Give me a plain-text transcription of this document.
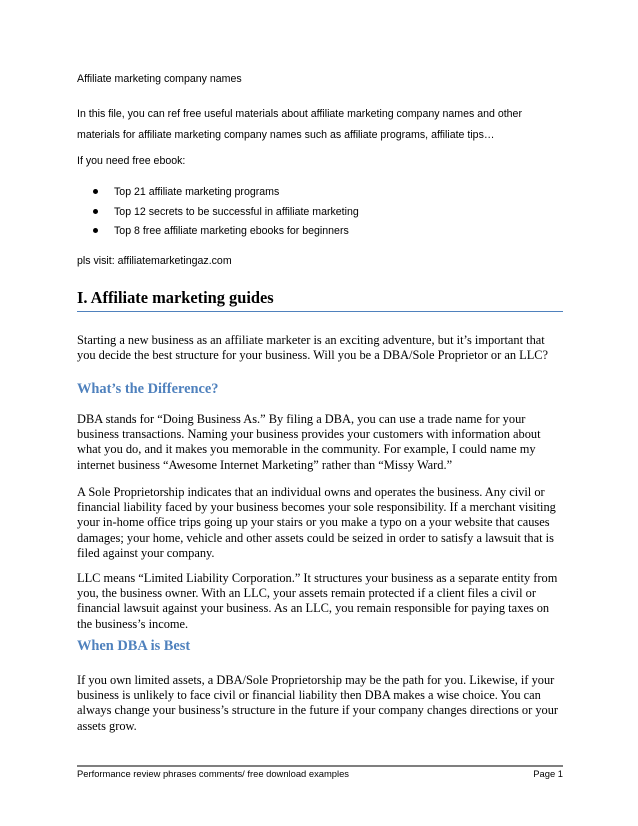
Affiliate marketing company names

In this file, you can ref free useful materials about affiliate marketing company names and other

materials for affiliate marketing company names such as affiliate programs, affiliate tips…

If you need free ebook:

Top 21 affiliate marketing programs
Top 12 secrets to be successful in affiliate marketing
Top 8 free affiliate marketing ebooks for beginners

pls visit: affiliatemarketingaz.com

I. Affiliate marketing guides

Starting a new business as an affiliate marketer is an exciting adventure, but it’s important that

you decide the best structure for your business. Will you be a DBA/Sole Proprietor or an LLC?

What’s the Difference?

DBA stands for “Doing Business As.” By filing a DBA, you can use a trade name for your

business transactions. Naming your business provides your customers with information about

what you do, and it makes you memorable in the community. For example, I could name my

internet business “Awesome Internet Marketing” rather than “Missy Ward.”

A Sole Proprietorship indicates that an individual owns and operates the business. Any civil or

financial liability faced by your business becomes your sole responsibility. If a merchant visiting

your in-home office trips going up your stairs or you make a typo on a your website that causes

damages; your home, vehicle and other assets could be seized in order to satisfy a lawsuit that is

filed against your company.

LLC means “Limited Liability Corporation.” It structures your business as a separate entity from

you, the business owner. With an LLC, your assets remain protected if a client files a civil or

financial lawsuit against your business. As an LLC, you remain responsible for paying taxes on

the business’s income.

When DBA is Best

If you own limited assets, a DBA/Sole Proprietorship may be the path for you. Likewise, if your

business is unlikely to face civil or financial liability then DBA makes a wise choice. You can

always change your business’s structure in the future if your company changes directions or your

assets grow.

Performance review phrases comments/ free download examples	Page 1
